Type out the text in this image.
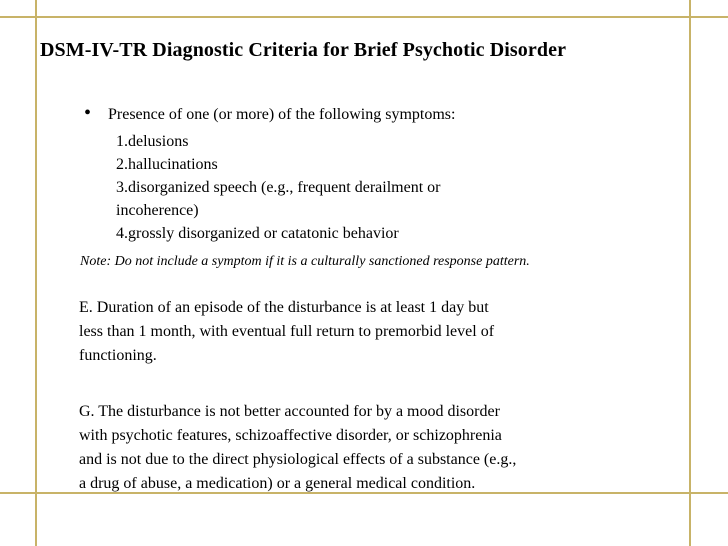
DSM-IV-TR Diagnostic Criteria for Brief Psychotic Disorder
• Presence of one (or more) of the following symptoms:
1.delusions
2.hallucinations
3.disorganized speech (e.g., frequent derailment or
incoherence)
4.grossly disorganized or catatonic behavior
Note: Do not include a symptom if it is a culturally sanctioned response pattern.
E. Duration of an episode of the disturbance is at least 1 day but
less than 1 month, with eventual full return to premorbid level of
functioning.
G. The disturbance is not better accounted for by a mood disorder
with psychotic features, schizoaffective disorder, or schizophrenia
and is not due to the direct physiological effects of a substance (e.g.,
a drug of abuse, a medication) or a general medical condition.
